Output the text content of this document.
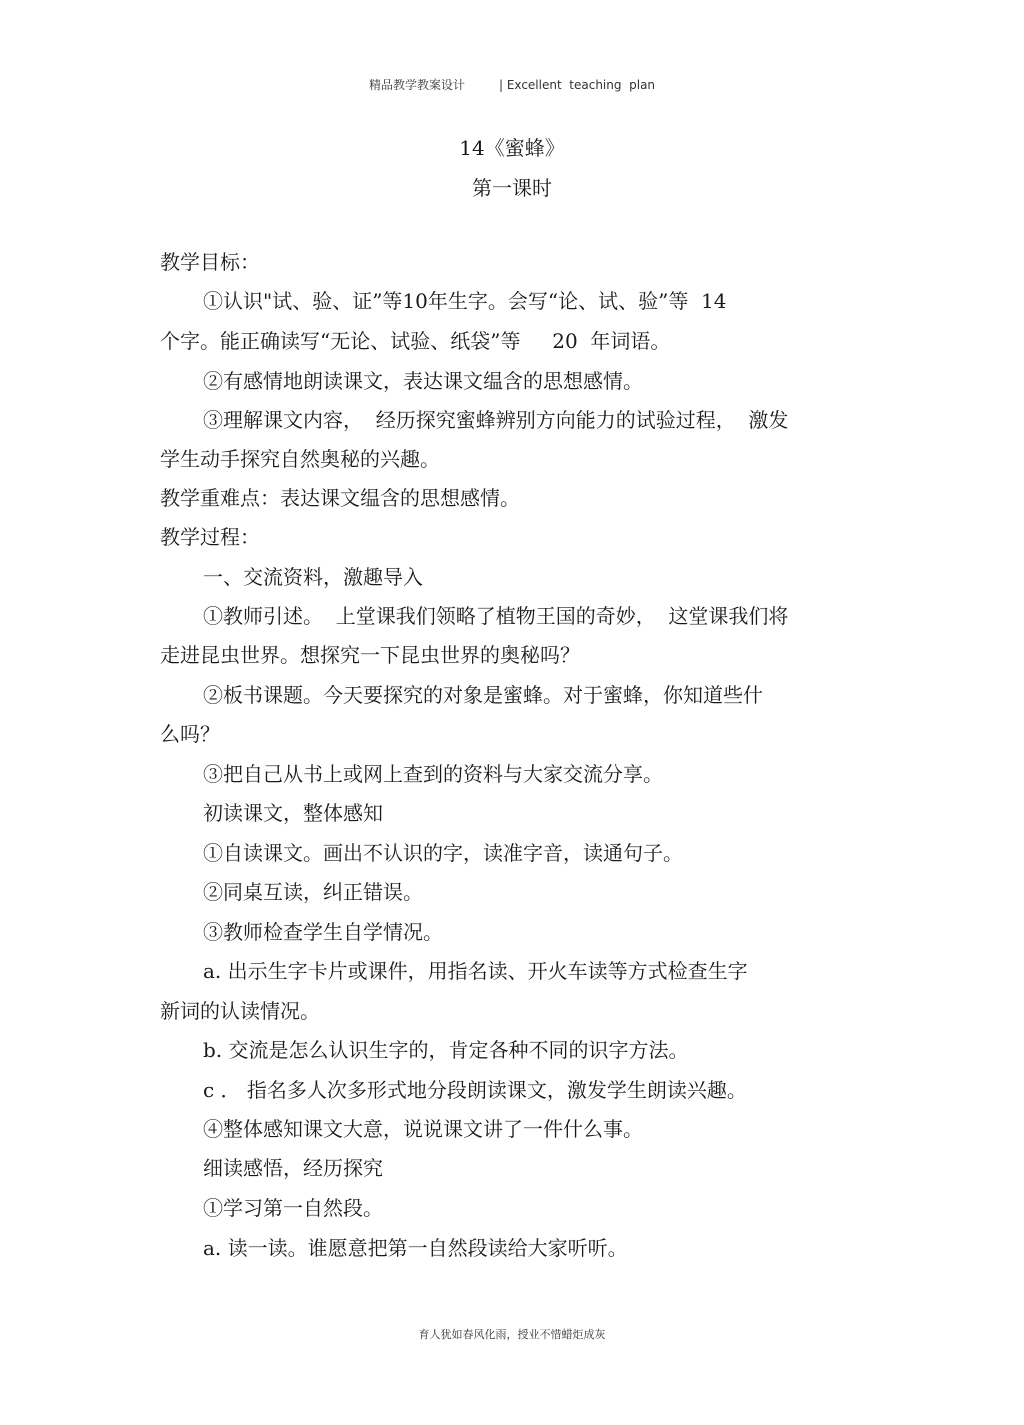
精品教学教案设计	| Excellent  teaching  plan
14《蜜蜂》
第一课时
教学目标：
①认识"试、验、证”等10年生字。会写“论、试、验”等  14
个字。能正确读写“无论、试验、纸袋”等     20  年词语。
②有感情地朗读课文，表达课文缊含的思想感情。
③理解课文内容，  经历探究蜜蜂辨别方向能力的试验过程，  激发
学生动手探究自然奥秘的兴趣。
教学重难点：表达课文缊含的思想感情。
教学过程：
一、交流资料，激趣导入
①教师引述。  上堂课我们领略了植物王国的奇妙，  这堂课我们将
走进昆虫世界。想探究一下昆虫世界的奥秘吗？
②板书课题。今天要探究的对象是蜜蜂。对于蜜蜂，你知道些什
么吗？
③把自己从书上或网上查到的资料与大家交流分享。
初读课文，整体感知
①自读课文。画出不认识的字，读准字音，读通句子。
②同桌互读，纠正错误。
③教师检查学生自学情况。
a. 出示生字卡片或课件，用指名读、开火车读等方式检查生字
新词的认读情况。
b. 交流是怎么认识生字的，肯定各种不同的识字方法。
c ． 指名多人次多形式地分段朗读课文，激发学生朗读兴趣。
④整体感知课文大意，说说课文讲了一件什么事。
细读感悟，经历探究
①学习第一自然段。
a. 读一读。谁愿意把第一自然段读给大家听听。
育人犹如春风化雨，授业不惜蜡炬成灰
